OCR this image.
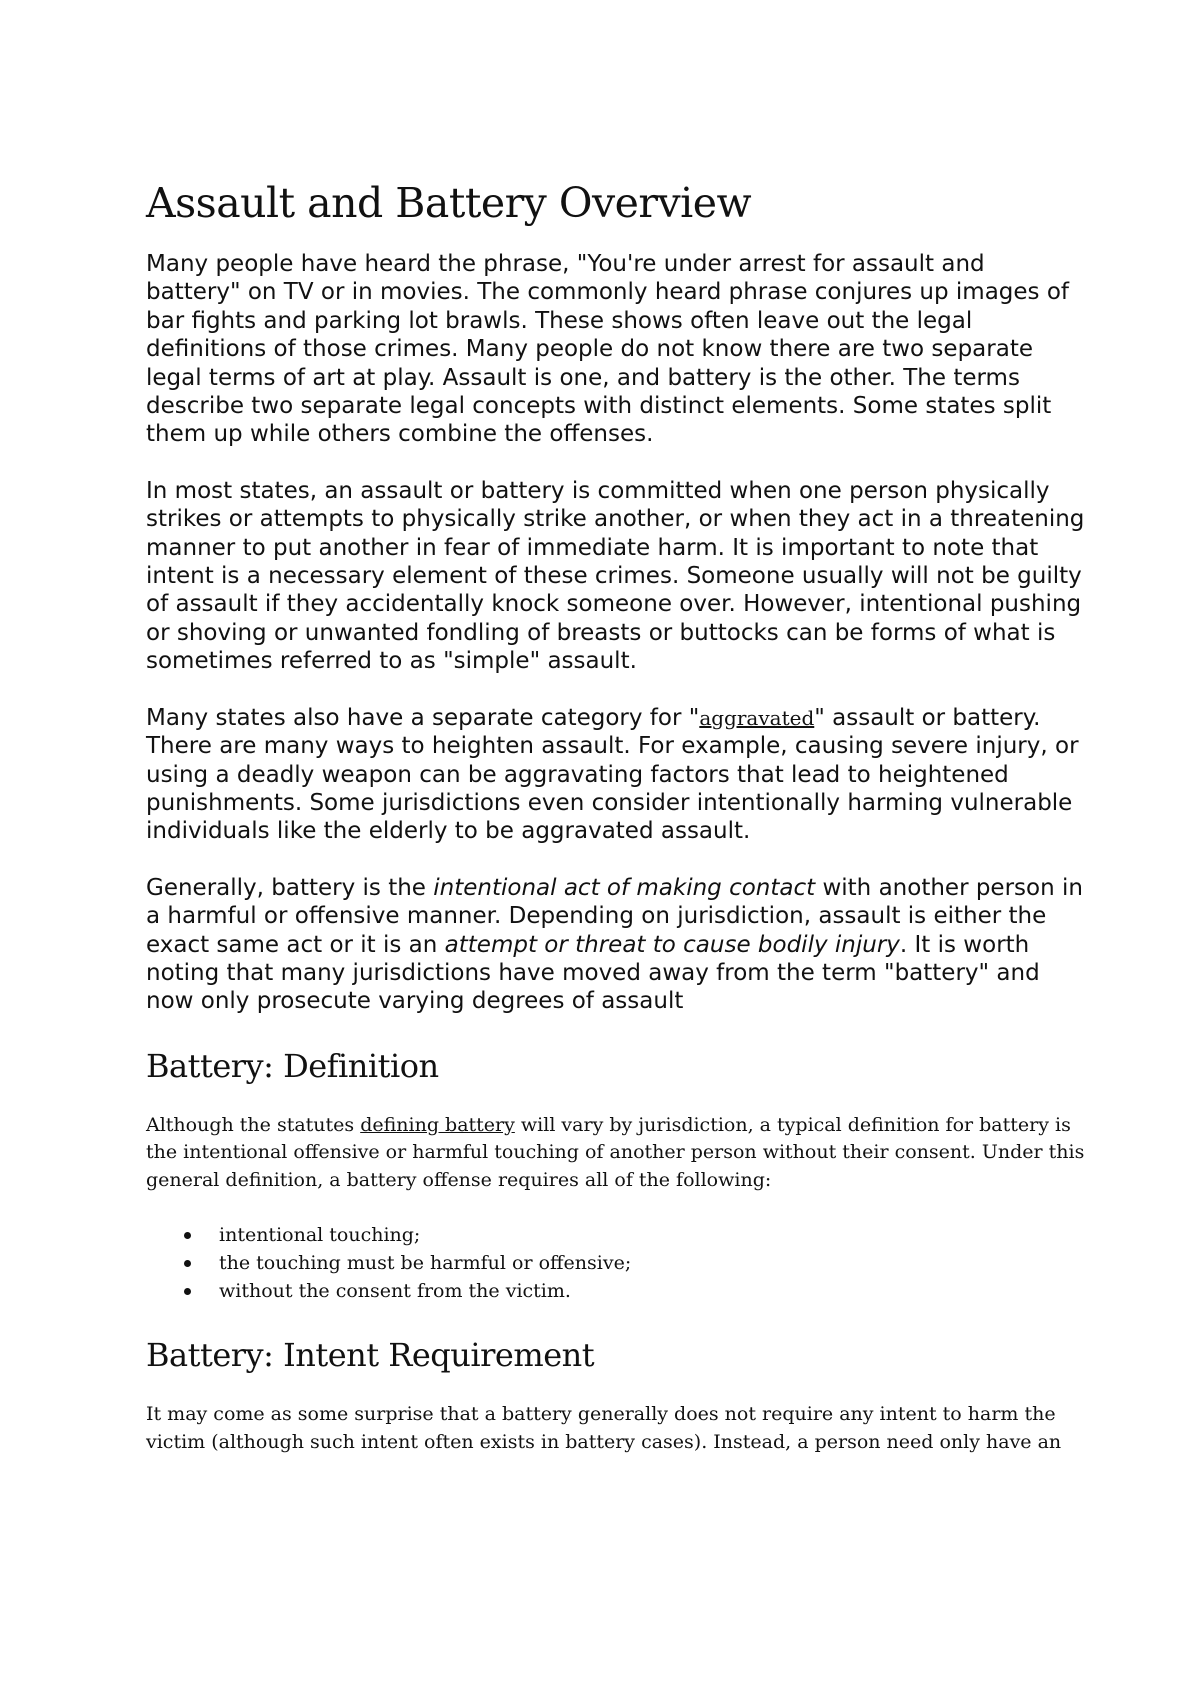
Assault and Battery Overview

Many people have heard the phrase, "You're under arrest for assault and battery" on TV or in movies. The commonly heard phrase conjures up images of bar fights and parking lot brawls. These shows often leave out the legal definitions of those crimes. Many people do not know there are two separate legal terms of art at play. Assault is one, and battery is the other. The terms describe two separate legal concepts with distinct elements. Some states split them up while others combine the offenses.

In most states, an assault or battery is committed when one person physically strikes or attempts to physically strike another, or when they act in a threatening manner to put another in fear of immediate harm. It is important to note that intent is a necessary element of these crimes. Someone usually will not be guilty of assault if they accidentally knock someone over. However, intentional pushing or shoving or unwanted fondling of breasts or buttocks can be forms of what is sometimes referred to as "simple" assault.

Many states also have a separate category for "aggravated" assault or battery. There are many ways to heighten assault. For example, causing severe injury, or using a deadly weapon can be aggravating factors that lead to heightened punishments. Some jurisdictions even consider intentionally harming vulnerable individuals like the elderly to be aggravated assault.

Generally, battery is the intentional act of making contact with another person in a harmful or offensive manner. Depending on jurisdiction, assault is either the exact same act or it is an attempt or threat to cause bodily injury. It is worth noting that many jurisdictions have moved away from the term "battery" and now only prosecute varying degrees of assault

Battery: Definition

Although the statutes defining battery will vary by jurisdiction, a typical definition for battery is the intentional offensive or harmful touching of another person without their consent. Under this general definition, a battery offense requires all of the following:

intentional touching;
the touching must be harmful or offensive;
without the consent from the victim.
Battery: Intent Requirement

It may come as some surprise that a battery generally does not require any intent to harm the victim (although such intent often exists in battery cases). Instead, a person need only have an
